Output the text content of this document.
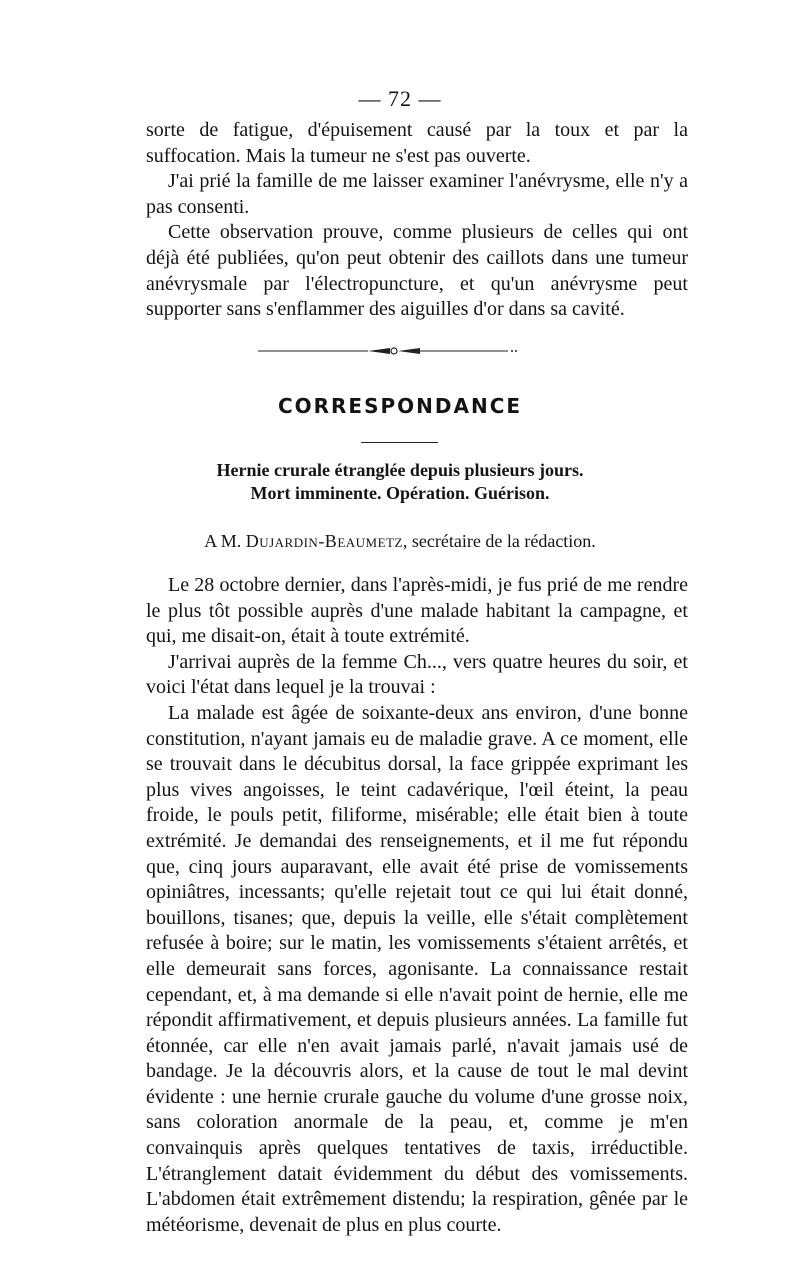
— 72 —

sorte de fatigue, d'épuisement causé par la toux et par la suffocation. Mais la tumeur ne s'est pas ouverte.

J'ai prié la famille de me laisser examiner l'anévrysme, elle n'y a pas consenti.

Cette observation prouve, comme plusieurs de celles qui ont déjà été publiées, qu'on peut obtenir des caillots dans une tumeur anévrysmale par l'électropuncture, et qu'un anévrysme peut supporter sans s'enflammer des aiguilles d'or dans sa cavité.

CORRESPONDANCE
Hernie crurale étranglée depuis plusieurs jours.
Mort imminente. Opération. Guérison.
A M. Dujardin-Beaumetz, secrétaire de la rédaction.

Le 28 octobre dernier, dans l'après-midi, je fus prié de me rendre le plus tôt possible auprès d'une malade habitant la campagne, et qui, me disait-on, était à toute extrémité.

J'arrivai auprès de la femme Ch..., vers quatre heures du soir, et voici l'état dans lequel je la trouvai :

La malade est âgée de soixante-deux ans environ, d'une bonne constitution, n'ayant jamais eu de maladie grave. A ce moment, elle se trouvait dans le décubitus dorsal, la face grippée exprimant les plus vives angoisses, le teint cadavérique, l'œil éteint, la peau froide, le pouls petit, filiforme, misérable; elle était bien à toute extrémité. Je demandai des renseignements, et il me fut répondu que, cinq jours auparavant, elle avait été prise de vomissements opiniâtres, incessants; qu'elle rejetait tout ce qui lui était donné, bouillons, tisanes; que, depuis la veille, elle s'était complètement refusée à boire; sur le matin, les vomissements s'étaient arrêtés, et elle demeurait sans forces, agonisante. La connaissance restait cependant, et, à ma demande si elle n'avait point de hernie, elle me répondit affirmativement, et depuis plusieurs années. La famille fut étonnée, car elle n'en avait jamais parlé, n'avait jamais usé de bandage. Je la découvris alors, et la cause de tout le mal devint évidente : une hernie crurale gauche du volume d'une grosse noix, sans coloration anormale de la peau, et, comme je m'en convainquis après quelques tentatives de taxis, irréductible. L'étranglement datait évidemment du début des vomissements. L'abdomen était extrêmement distendu; la respiration, gênée par le météorisme, devenait de plus en plus courte.
